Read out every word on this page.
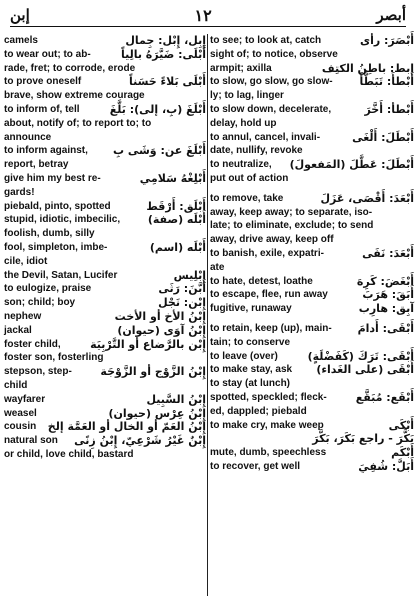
إبن	١٢	أبصر
camels	إِبِل، إِبْل: جِمال
to wear out; to ab-	أَبْلَى: ضَيَّرَهُ بالِياً
rade, fret; to corrode, erode
to prove oneself	أَبْلَى بَلاءً حَسَناً
brave, show extreme courage
to inform of, tell	أَبْلَغَ (بِ، إلى): بَلَّغَ
about, notify of; to report to; to
announce
to inform against,	أَبْلَغَ عن: وَشَى بِ
report, betray
give him my best re-	أَبْلِغْهُ سَلامِي
gards!
piebald, pinto, spotted	أَبْلَق: أَرْقَط
stupid, idiotic, imbecilic,	أَبْلَه (صفة)
foolish, dumb, silly
fool, simpleton, imbe-	أَبْلَه (اسم)
cile, idiot
the Devil, Satan, Lucifer	إِبْلِيس
to eulogize, praise	أَبَّنَ: رَثَى
son; child; boy	إِبْن: نَجْل
nephew	إِبْنُ الأخ أو الأخت
jackal	إِبْنُ آوَى (حيوان)
foster child,	إِبْن بالرَّضاع أو التَّرْبِيَة
foster son, fosterling
stepson, step-	إِبْنُ الزَّوْج أو الزَّوْجَة
child
wayfarer	إِبْنُ السَّبِيل
weasel	إِبْنُ عِرْس (حيوان)
cousin	إِبْنُ العَمّ أو الخال أو العَمَّة إلخ
natural son	إِبْنٌ غَيْرُ شَرْعِيّ، إِبْنُ زِنًى
or child, love child, bastard
to see; to look at, catch	أَبْصَرَ: رأى
sight of; to notice, observe
armpit; axilla	إبط: باطِنُ الكتِف
to slow, go slow, go slow-	أَبْطأَ: تَبَطَّأَ
ly; to lag, linger
to slow down, decelerate,	أَبْطأ: أَخَّرَ
delay, hold up
to annul, cancel, invali-	أَبْطَلَ: أَلْغَى
date, nullify, revoke
to neutralize,	أَبْطَلَ: عَطَّلَ (المَفعولَ)
put out of action
to remove, take	أَبْعَدَ: أَقْصَى، عَزَلَ
away, keep away; to separate, iso-
late; to eliminate, exclude; to send
away, drive away, keep off
to banish, exile, expatri-	أَبْعَدَ: نَفَى
ate
to hate, detest, loathe	أَبْغَضَ: كَرِهَ
to escape, flee, run away	أَبَقَ: هَرَبَ
fugitive, runaway	آبِق: هارِب
to retain, keep (up), main-	أَبْقَى: أَدامَ
tain; to conserve
to leave (over)	أَبْقَى: تَرَكَ (كَفَضْلَةٍ)
to make stay, ask	أَبْقَى (على الغَداء)
to stay (at lunch)
spotted, speckled; fleck-	أَبْقَع: مُبَقَّع
ed, dappled; piebald
to make cry, make weep	أَبْكَى
بَكَّرَ - راجع بَكَرَ، بَكَّرَ
mute, dumb, speechless	أَبْكَم
to recover, get well	أَبَلَّ: شُفِيَ
